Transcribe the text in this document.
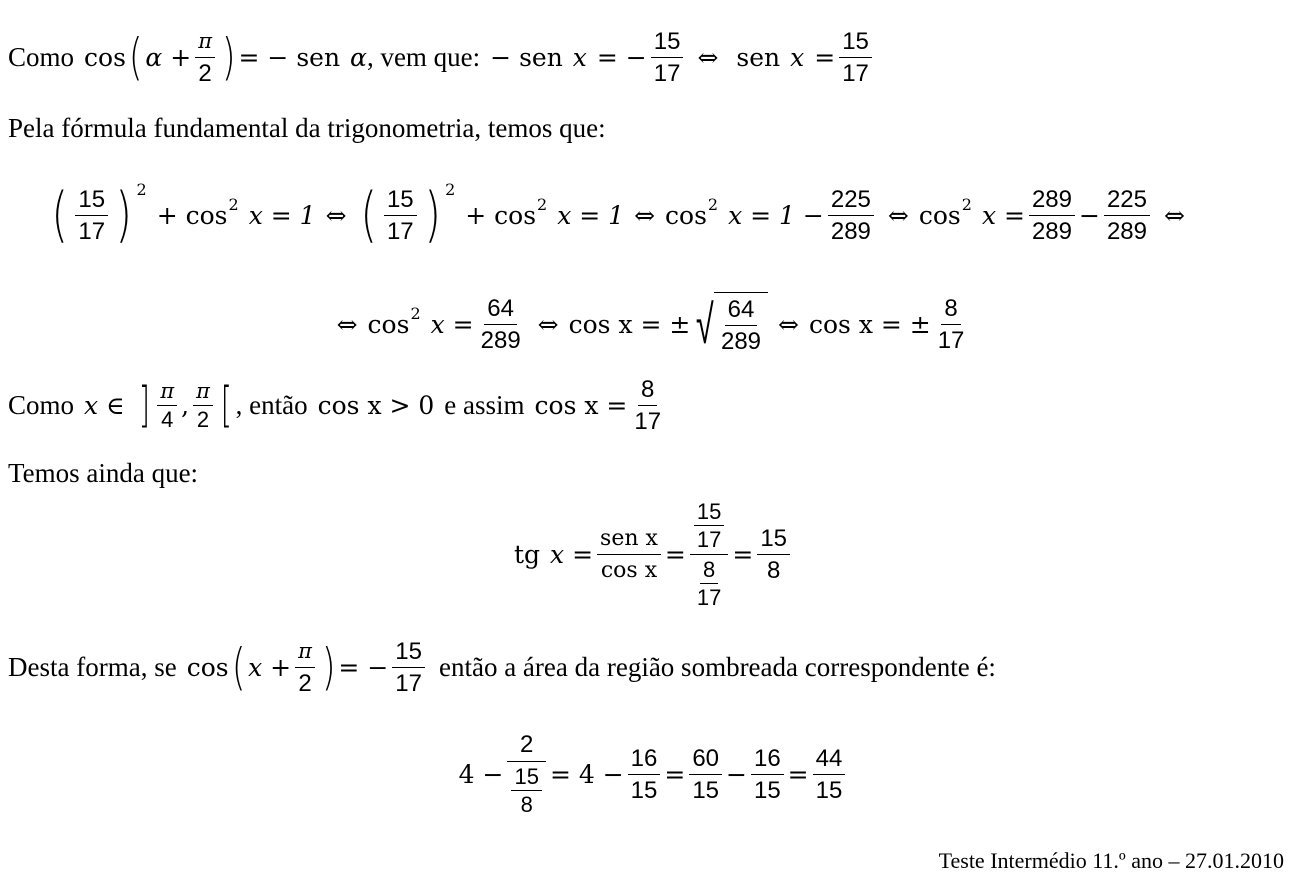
Como cos ( $\alpha + \frac{\pi}{2}$ ) = − sen α , vem que: − sen x = − $\frac{15}{17}$ ⇔ sen $x = \frac{15}{17}$
Pela fórmula fundamental da trigonometria, temos que:
( $\frac{15}{17}$ ) 2
+ cos 2 x = 1 ⇔ ( $\frac{15}{17}$ ) 2
+ cos 2 x = 1 ⇔ cos 2 $x = 1 - \frac{225}{289}$ ⇔ cos 2 $x = \frac{289}{289} - \frac{225}{289}$ ⇔
⇔ cos 2 $x = \frac{64}{289}$ ⇔ cos x = ± √ $\frac{64}{289}$ ⇔ cos x = ± $\frac{8}{17}$
Como x ∈ ] $\frac{\pi}{4}$ , $\frac{\pi}{2}$ [ , então cos x > 0 e assim $\cos x = \frac{8}{17}$
Temos ainda que:
tg $x = \frac{\text{sen x}}{\text{cos x}}$ =
$\frac{15}{17}$
$\frac{8}{17}$
= $\frac{15}{8}$
Desta forma, se cos ( $x + \frac{\pi}{2}$ ) = − $\frac{15}{17}$ então a área da região sombreada correspondente é:
4 −
2
$\frac{15}{8} = 4 - \frac{16}{15} = \frac{60}{15} - \frac{16}{15} = \frac{44}{15}$
Teste Intermédio 11.º ano – 27.01.2010
